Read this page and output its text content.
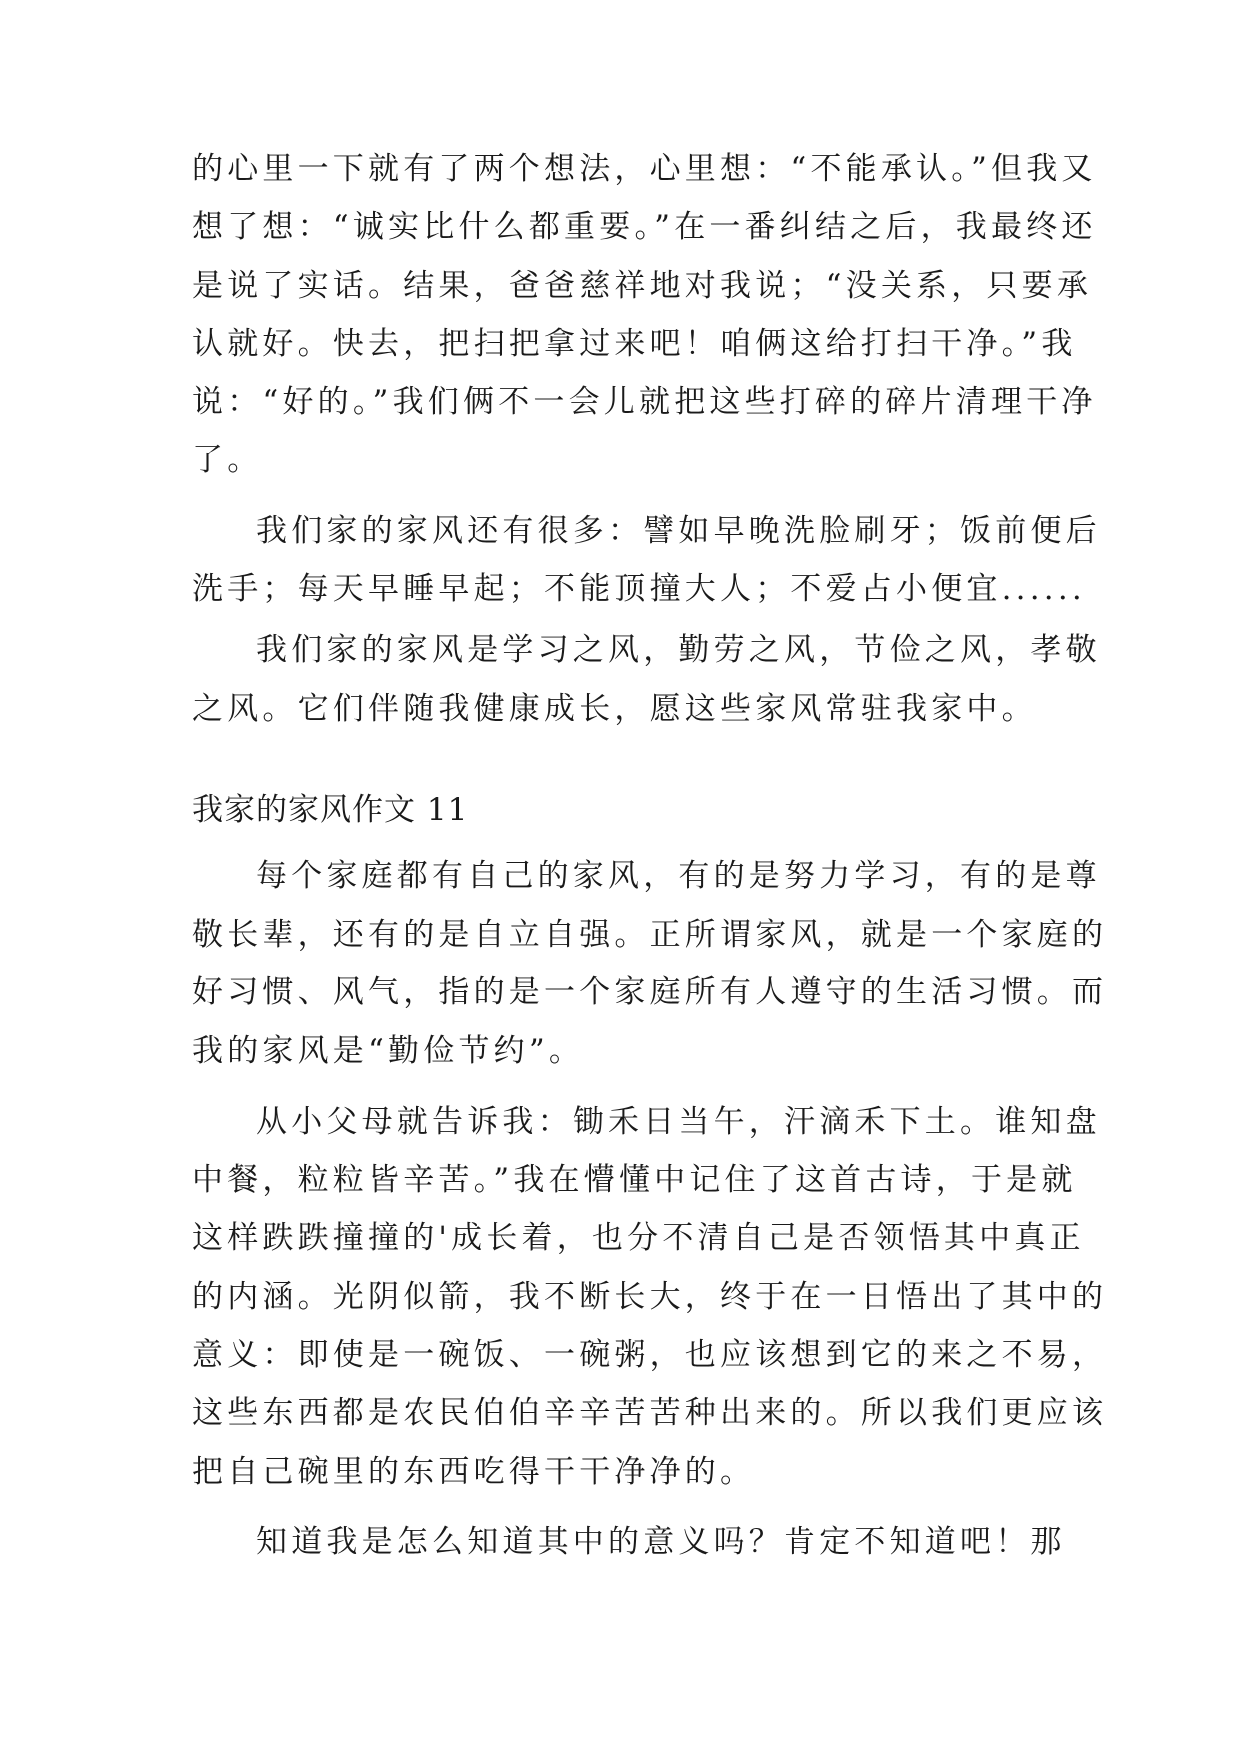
的心里一下就有了两个想法，心里想：“不能承认。”但我又
想了想：“诚实比什么都重要。”在一番纠结之后，我最终还
是说了实话。结果，爸爸慈祥地对我说；“没关系，只要承
认就好。快去，把扫把拿过来吧！咱俩这给打扫干净。”我
说：“好的。”我们俩不一会儿就把这些打碎的碎片清理干净
了。
我们家的家风还有很多：譬如早晚洗脸刷牙；饭前便后
洗手；每天早睡早起；不能顶撞大人；不爱占小便宜......
我们家的家风是学习之风，勤劳之风，节俭之风，孝敬
之风。它们伴随我健康成长，愿这些家风常驻我家中。
我家的家风作文 11
每个家庭都有自己的家风，有的是努力学习，有的是尊
敬长辈，还有的是自立自强。正所谓家风，就是一个家庭的
好习惯、风气，指的是一个家庭所有人遵守的生活习惯。而
我的家风是“勤俭节约”。
从小父母就告诉我：锄禾日当午，汗滴禾下土。谁知盘
中餐，粒粒皆辛苦。”我在懵懂中记住了这首古诗，于是就
这样跌跌撞撞的'成长着，也分不清自己是否领悟其中真正
的内涵。光阴似箭，我不断长大，终于在一日悟出了其中的
意义：即使是一碗饭、一碗粥，也应该想到它的来之不易，
这些东西都是农民伯伯辛辛苦苦种出来的。所以我们更应该
把自己碗里的东西吃得干干净净的。
知道我是怎么知道其中的意义吗？肯定不知道吧！那
